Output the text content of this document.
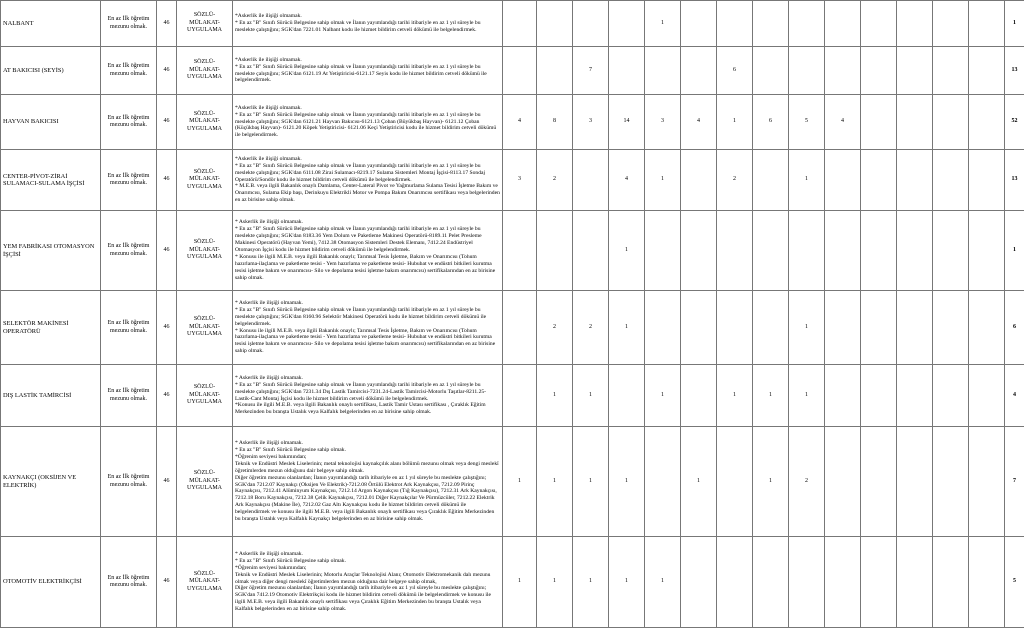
NALBANT	En az İlk öğretim mezunu olmak.	46	SÖZLÜ-MÜLAKAT-UYGULAMA	*Askerlik ile ilişiği olmamak.
* En az "B" Sınıfı Sürücü Belgesine sahip olmak ve İlanın yayımlandığı tarihi itibariyle en az 1 yıl süreyle bu meslekte çalıştığını; SGK'dan 7221.01 Nalbant kodu ile hizmet bildirim cetveli dökümü ile belgelendirmek.					1										1
AT BAKICISI (SEYİS)	En az İlk öğretim mezunu olmak.	46	SÖZLÜ-MÜLAKAT-UYGULAMA	*Askerlik ile ilişiği olmamak.
* En az "B" Sınıfı Sürücü Belgesine sahip olmak ve İlanın yayımlandığı tarihi itibariyle en az 1 yıl süreyle bu meslekte çalıştığını; SGK'dan 6121.19 At Yetiştiricisi-6121.17 Seyis kodu ile hizmet bildirim cetveli dökümü ile belgelendirmek.			7				6								13
HAYVAN BAKICISI	En az İlk öğretim mezunu olmak.	46	SÖZLÜ-MÜLAKAT-UYGULAMA	*Askerlik ile ilişiği olmamak.
* En az "B" Sınıfı Sürücü Belgesine sahip olmak ve İlanın yayımlandığı tarihi itibariyle en az 1 yıl süreyle bu meslekte çalıştığını; SGK'dan 6121.21 Hayvan Bakıcısı-6121.13 Çoban (Büyükbaş Hayvan)- 6121.12 Çoban (Küçükbaş Hayvan)- 6121.20 Köpek Yetiştiricisi- 6121.06 Keçi Yetiştiricisi kodu ile hizmet bildirim cetveli dökümü ile belgelendirmek.	4	8	3	14	3	4	1	6	5	4					52
CENTER-PİVOT-ZİRAİ SULAMACI-SULAMA İŞÇİSİ	En az İlk öğretim mezunu olmak.	46	SÖZLÜ-MÜLAKAT-UYGULAMA	*Askerlik ile ilişiği olmamak.
* En az "B" Sınıfı Sürücü Belgesine sahip olmak ve İlanın yayımlandığı tarihi itibariyle en az 1 yıl süreyle bu meslekte çalıştığını; SGK'dan 6111.08 Zirai Sulamacı-8219.17 Sulama Sistemleri Montaj İşçisi-8113.17 Sondaj Operatörü/Sondör kodu ile hizmet bildirim cetveli dökümü ile belgelendirmek.
* M.E.B. veya ilgili Bakanlık onaylı Damlama, Center-Lateral Pivot ve Yağmurlama Sulama Tesisi İşletme Bakım ve Onarımcısı, Sulama Ekip başı, Derinkuyu Elektrikli Motor ve Pompa Bakım Onarımcısı sertifikası veya belgelerinden en az birisine sahip olmak.	3	2		4	1		2		1						13
YEM FABRİKASI OTOMASYON İŞÇİSİ	En az İlk öğretim mezunu olmak.	46	SÖZLÜ-MÜLAKAT-UYGULAMA	* Askerlik ile ilişiği olmamak.
* En az "B" Sınıfı Sürücü Belgesine sahip olmak ve İlanın yayımlandığı tarihi itibariyle en az 1 yıl süreyle bu meslekte çalıştığını; SGK'dan 8183.36 Yem Dolum ve Paketleme Makinesi Operatörü-8189.11 Pelet Presleme Makinesi Operatörü (Hayvan Yemi), 7412.38 Otomasyon Sistemleri Destek Elemanı, 7412.24 Endüstriyel Otomasyon İşçisi kodu ile hizmet bildirim cetveli dökümü ile belgelendirmek.
* Konusu ile ilgili M.E.B. veya ilgili Bakanlık onaylı; Tarımsal Tesis İşletme, Bakım ve Onarımcısı (Tohum hazırlama-ilaçlama ve paketleme tesisi - Yem hazırlama ve paketleme tesisi- Hububat ve endüstri bitkileri kurutma tesisi işletme bakım ve onarımcısı- Silo ve depolama tesisi işletme bakım onarımcısı) sertifikalarından en az birisine sahip olmak.				1											1
SELEKTÖR MAKİNESİ OPERATÖRÜ	En az İlk öğretim mezunu olmak.	46	SÖZLÜ-MÜLAKAT-UYGULAMA	* Askerlik ile ilişiği olmamak.
* En az "B" Sınıfı Sürücü Belgesine sahip olmak ve İlanın yayımlandığı tarihi itibariyle en az 1 yıl süreyle bu meslekte çalıştığını; SGK'dan 8160.96 Selektör Makinesi Operatörü kodu ile hizmet bildirim cetveli dökümü ile belgelendirmek.
* Konusu ile ilgili M.E.B. veya ilgili Bakanlık onaylı; Tarımsal Tesis İşletme, Bakım ve Onarımcısı (Tohum hazırlama-ilaçlama ve paketleme tesisi - Yem hazırlama ve paketleme tesisi- Hububat ve endüstri bitkileri kurutma tesisi işletme bakım ve onarımcısı- Silo ve depolama tesisi işletme bakım onarımcısı) sertifikalarından en az birisine sahip olmak.		2	2	1					1						6
DIŞ LASTİK TAMİRCİSİ	En az İlk öğretim mezunu olmak.	46	SÖZLÜ-MÜLAKAT-UYGULAMA	* Askerlik ile ilişiği olmamak.
* En az "B" Sınıfı Sürücü Belgesine sahip olmak ve İlanın yayımlandığı tarihi itibariyle en az 1 yıl süreyle bu meslekte çalıştığını; SGK'dan 7231.34 Dış Lastik Tamircisi-7231.24-Lastik Tamircisi-Motorlu Taşıtlar-8211.25-Lastik-Cant Montaj İşçisi kodu ile hizmet bildirim cetveli dökümü ile belgelendirmek.
*Konusu ile ilgili M.E.B. veya ilgili Bakanlık onaylı sertifikası, Lastik Tamir Ustası sertifikası , Çıraklık Eğitim Merkezinden bu branşta Ustalık veya Kalfalık belgelerinden en az birisine sahip olmak.		1	1		1		1	1	1						4
KAYNAKÇI (OKSİJEN VE ELEKTRİK)	En az İlk öğretim mezunu olmak.	46	SÖZLÜ-MÜLAKAT-UYGULAMA	* Askerlik ile ilişiği olmamak.
* En az "B" Sınıfı Sürücü Belgesine sahip olmak.
*Öğrenim seviyesi bakımından;
Teknik ve Endüstri Meslek Liselerinin; metal teknolojisi kaynakçılık alanı bölümü mezunu olmak veya dengi meslekî öğretimlerden mezun olduğunu dair belgeye sahip olmak.
Diğer öğretim mezunu olanlardan; İlanın yayımlandığı tarih itibariyle en az 1 yıl süreyle bu meslekte çalıştığını; SGK'dan 7212.07 Kaynakçı (Oksijen Ve Elektrik)-7212.08 Örtülü Elektrot Ark Kaynakçısı, 7212.09 Pirinç Kaynakçısı, 7212.41 Alüminyum Kaynakçısı, 7212.14 Argon Kaynakçısı (Tığ Kaynakçısı), 7212.31 Ark Kaynakçısı, 7212.18 Boru Kaynakçısı, 7212.38 Çelik Kaynakçısı, 7212.01 Diğer Kaynakçılar Ve Pürmüzcüler, 7212.22 Elektrik Ark Kaynakçısı (Makine İle), 7212.02 Gaz Altı Kaynakçısı kodu ile hizmet bildirim cetveli dökümü ile belgelendirmek ve konusu ile ilgili M.E.B. veya ilgili Bakanlık onaylı sertifikası veya Çıraklık Eğitim Merkezinden bu branşta Ustalık veya Kalfalık Kaynakçı belgelerinden en az birisine sahip olmak.	1	1	1	1		1		1	2						7
OTOMOTİV ELEKTRİKÇİSİ	En az İlk öğretim mezunu olmak.	46	SÖZLÜ-MÜLAKAT-UYGULAMA	* Askerlik ile ilişiği olmamak.
* En az "B" Sınıfı Sürücü Belgesine sahip olmak.
*Öğrenim seviyesi bakımından;
Teknik ve Endüstri Meslek Liselerinin; Motorlu Araçlar Teknolojisi Alanı; Otomotiv Elektromekanik dalı mezunu olmak veya diğer dengi meslekî öğretimlerden mezun olduğuna dair belgeye sahip olmak,
Diğer öğretim mezunu olanlardan; İlanın yayımlandığı tarih itibariyle en az 1 yıl süreyle bu meslekte çalıştığını; SGK'dan 7412.19 Otomotiv Elektrikçisi kodu ile hizmet bildirim cetveli dökümü ile belgelendirmek ve konusu ile ilgili M.E.B. veya ilgili Bakanlık onaylı sertifikası veya Çıraklık Eğitim Merkezinden bu branşta Ustalık veya Kalfalık belgelerinden en az birisine sahip olmak.	1	1	1	1	1										5
